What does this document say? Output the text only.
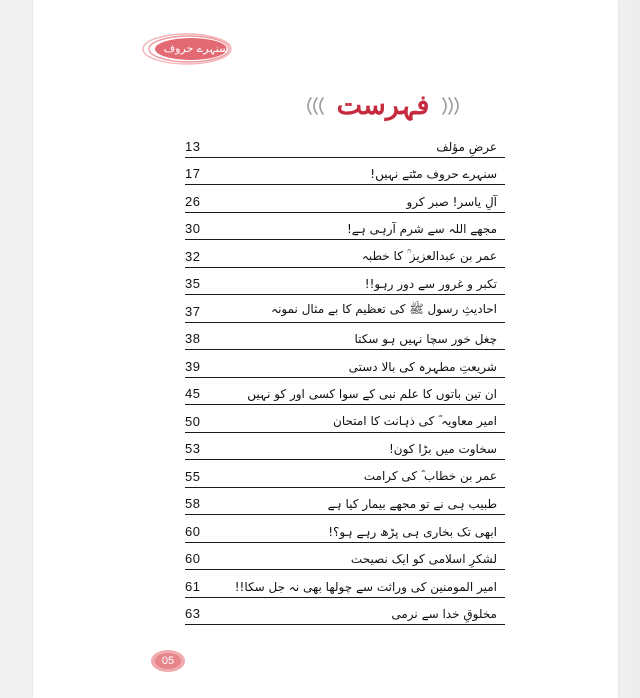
سنہرے حروف
فہرست
13	عرضِ مؤلف
17	سنہرے حروف مٹتے نہیں!
26	آلِ یاسر! صبر کرو
30	مجھے اللہ سے شرم آرہی ہے!
32	عمر بن عبدالعزیز ؒ کا خطبہ
35	تکبر و غرور سے دور رہو!!
37	احادیثِ رسول ﷺ کی تعظیم کا بے مثال نمونہ
38	چغل خور سچا نہیں ہو سکتا
39	شریعتِ مطہرہ کی بالا دستی
45	ان تین باتوں کا علم نبی کے سوا کسی اور کو نہیں
50	امیر معاویہ ؓ کی ذہانت کا امتحان
53	سخاوت میں بڑا کون!
55	عمر بن خطاب ؓ کی کرامت
58	طبیب ہی نے تو مجھے بیمار کیا ہے
60	ابھی تک بخاری ہی پڑھ رہے ہو؟!
60	لشکرِ اسلامی کو ایک نصیحت
61	امیر المومنین کی وراثت سے چولھا بھی نہ جل سکا!!
63	مخلوقِ خدا سے نرمی
05
